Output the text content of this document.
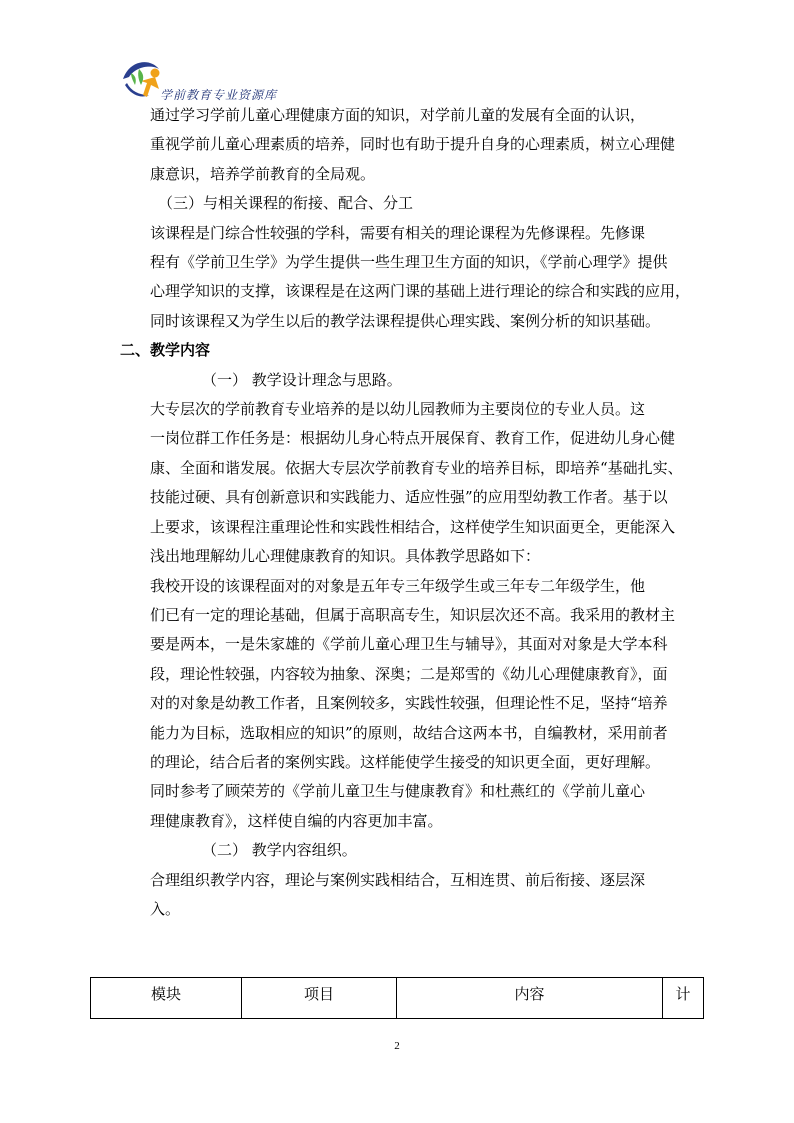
学前教育专业资源库

通过学习学前儿童心理健康方面的知识，对学前儿童的发展有全面的认识，
重视学前儿童心理素质的培养，同时也有助于提升自身的心理素质，树立心理健
康意识，培养学前教育的全局观。

（三）与相关课程的衔接、配合、分工

该课程是门综合性较强的学科，需要有相关的理论课程为先修课程。先修课
程有《学前卫生学》为学生提供一些生理卫生方面的知识，《学前心理学》提供
心理学知识的支撑，该课程是在这两门课的基础上进行理论的综合和实践的应用，
同时该课程又为学生以后的教学法课程提供心理实践、案例分析的知识基础。

二、教学内容

（一） 教学设计理念与思路。

大专层次的学前教育专业培养的是以幼儿园教师为主要岗位的专业人员。这
一岗位群工作任务是：根据幼儿身心特点开展保育、教育工作，促进幼儿身心健
康、全面和谐发展。依据大专层次学前教育专业的培养目标，即培养“基础扎实、
技能过硬、具有创新意识和实践能力、适应性强”的应用型幼教工作者。基于以
上要求，该课程注重理论性和实践性相结合，这样使学生知识面更全，更能深入
浅出地理解幼儿心理健康教育的知识。具体教学思路如下：

我校开设的该课程面对的对象是五年专三年级学生或三年专二年级学生，他
们已有一定的理论基础，但属于高职高专生，知识层次还不高。我采用的教材主
要是两本，一是朱家雄的《学前儿童心理卫生与辅导》，其面对对象是大学本科
段，理论性较强，内容较为抽象、深奥；二是郑雪的《幼儿心理健康教育》，面
对的对象是幼教工作者，且案例较多，实践性较强，但理论性不足，坚持“培养
能力为目标，选取相应的知识”的原则，故结合这两本书，自编教材，采用前者
的理论，结合后者的案例实践。这样能使学生接受的知识更全面，更好理解。

同时参考了顾荣芳的《学前儿童卫生与健康教育》和杜燕红的《学前儿童心
理健康教育》，这样使自编的内容更加丰富。

（二） 教学内容组织。

合理组织教学内容，理论与案例实践相结合，互相连贯、前后衔接、逐层深
入。

模块	项目	内容	计
2
